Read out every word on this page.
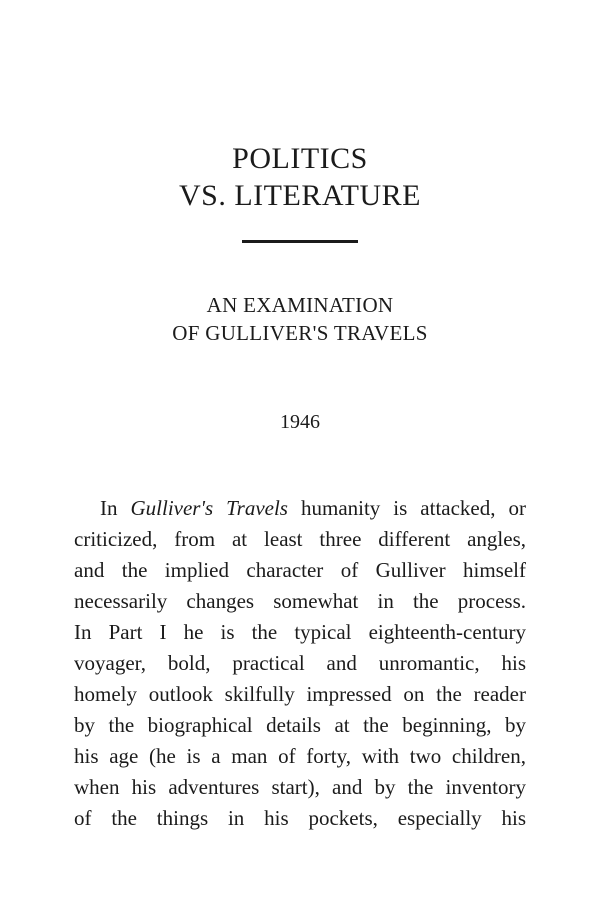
POLITICS
VS. LITERATURE
AN EXAMINATION
OF GULLIVER'S TRAVELS
1946
In Gulliver's Travels humanity is attacked, or
criticized, from at least three different angles,
and the implied character of Gulliver himself
necessarily changes somewhat in the process.
In Part I he is the typical eighteenth-century
voyager, bold, practical and unromantic, his
homely outlook skilfully impressed on the reader
by the biographical details at the beginning, by
his age (he is a man of forty, with two children,
when his adventures start), and by the inventory
of the things in his pockets, especially his
